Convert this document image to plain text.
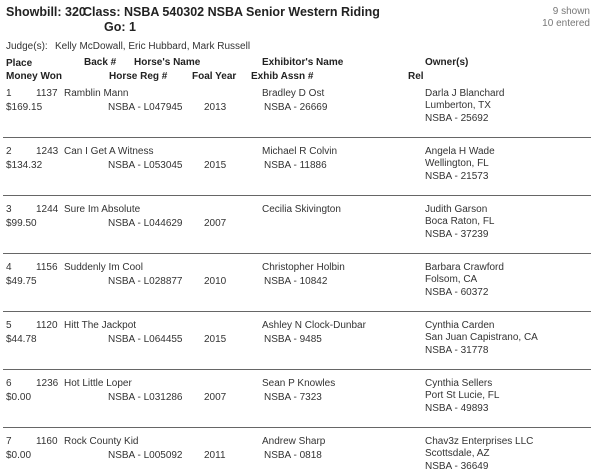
Showbill: 320
Class: NSBA 540302 NSBA Senior Western Riding
Go: 1
9 shown
10 entered
Judge(s): Kelly McDowall, Eric Hubbard, Mark Russell
Place
Money Won
Back # Horse's Name
Horse Reg # Foal Year
Exhibitor's Name
Exhib Assn #	Rel
Owner(s)
1
$169.15
1137 Ramblin Mann
NSBA - L047945 2013
Bradley D Ost
NSBA - 26669
Darla J Blanchard
Lumberton, TX
NSBA - 25692
2
$134.32
1243 Can I Get A Witness
NSBA - L053045 2015
Michael R Colvin
NSBA - 11886
Angela H Wade
Wellington, FL
NSBA - 21573
3
$99.50
1244 Sure Im Absolute
NSBA - L044629 2007
Cecilia Skivington	Judith Garson
Boca Raton, FL
NSBA - 37239
4
$49.75
1156 Suddenly Im Cool
NSBA - L028877 2010
Christopher Holbin
NSBA - 10842
Barbara Crawford
Folsom, CA
NSBA - 60372
5
$44.78
1120 Hitt The Jackpot
NSBA - L064455 2015
Ashley N Clock-Dunbar
NSBA - 9485
Cynthia Carden
San Juan Capistrano, CA
NSBA - 31778
6
$0.00
1236 Hot Little Loper
NSBA - L031286 2007
Sean P Knowles
NSBA - 7323
Cynthia Sellers
Port St Lucie, FL
NSBA - 49893
7
$0.00
1160 Rock County Kid
NSBA - L005092 2011
Andrew Sharp
NSBA - 0818
Chav3z Enterprises LLC
Scottsdale, AZ
NSBA - 36649
